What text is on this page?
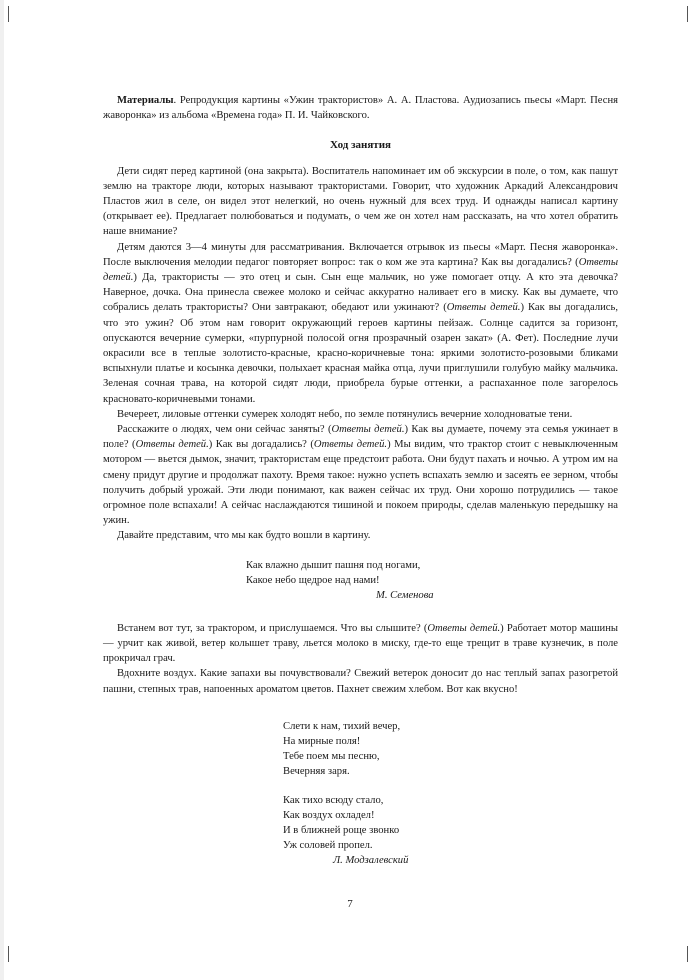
Материалы. Репродукция картины «Ужин трактористов» А. А. Пластова. Аудиозапись пьесы «Март. Песня жаворонка» из альбома «Времена года» П. И. Чайковского.

Ход занятия

Дети сидят перед картиной (она закрыта). Воспитатель напоминает им об экскурсии в поле, о том, как пашут землю на тракторе люди, которых называют трактористами. Говорит, что художник Аркадий Александрович Пластов жил в селе, он видел этот нелегкий, но очень нужный для всех труд. И однажды написал картину (открывает ее). Предлагает полюбоваться и подумать, о чем же он хотел нам рассказать, на что хотел обратить наше внимание?

Детям даются 3—4 минуты для рассматривания. Включается отрывок из пьесы «Март. Песня жаворонка». После выключения мелодии педагог повторяет вопрос: так о ком же эта картина? Как вы догадались? (Ответы детей.) Да, трактористы — это отец и сын. Сын еще мальчик, но уже помогает отцу. А кто эта девочка? Наверное, дочка. Она принесла свежее молоко и сейчас аккуратно наливает его в миску. Как вы думаете, что собрались делать трактористы? Они завтракают, обедают или ужинают? (Ответы детей.) Как вы догадались, что это ужин? Об этом нам говорит окружающий героев картины пейзаж. Солнце садится за горизонт, опускаются вечерние сумерки, «пурпурной полосой огня прозрачный озарен закат» (А. Фет). Последние лучи окрасили все в теплые золотисто-красные, красно-коричневые тона: яркими золотисто-розовыми бликами вспыхнули платье и косынка девочки, полыхает красная майка отца, лучи приглушили голубую майку мальчика. Зеленая сочная трава, на которой сидят люди, приобрела бурые оттенки, а распаханное поле загорелось красновато-коричневыми тонами.

Вечереет, лиловые оттенки сумерек холодят небо, по земле потянулись вечерние холодноватые тени.

Расскажите о людях, чем они сейчас заняты? (Ответы детей.) Как вы думаете, почему эта семья ужинает в поле? (Ответы детей.) Как вы догадались? (Ответы детей.) Мы видим, что трактор стоит с невыключенным мотором — вьется дымок, значит, трактористам еще предстоит работа. Они будут пахать и ночью. А утром им на смену придут другие и продолжат пахоту. Время такое: нужно успеть вспахать землю и засеять ее зерном, чтобы получить добрый урожай. Эти люди понимают, как важен сейчас их труд. Они хорошо потрудились — такое огромное поле вспахали! А сейчас наслаждаются тишиной и покоем природы, сделав маленькую передышку на ужин.

Давайте представим, что мы как будто вошли в картину.

Как влажно дышит пашня под ногами,
Какое небо щедрое над нами!
М. Семенова

Встанем вот тут, за трактором, и прислушаемся. Что вы слышите? (Ответы детей.) Работает мотор машины — урчит как живой, ветер колышет траву, льется молоко в миску, где-то еще трещит в траве кузнечик, в поле прокричал грач.

Вдохните воздух. Какие запахи вы почувствовали? Свежий ветерок доносит до нас теплый запах разогретой пашни, степных трав, напоенных ароматом цветов. Пахнет свежим хлебом. Вот как вкусно!

Слети к нам, тихий вечер,
На мирные поля!
Тебе поем мы песню,
Вечерняя заря.
Как тихо всюду стало,
Как воздух охладел!
И в ближней роще звонко
Уж соловей пропел.
Л. Модзалевский
7
